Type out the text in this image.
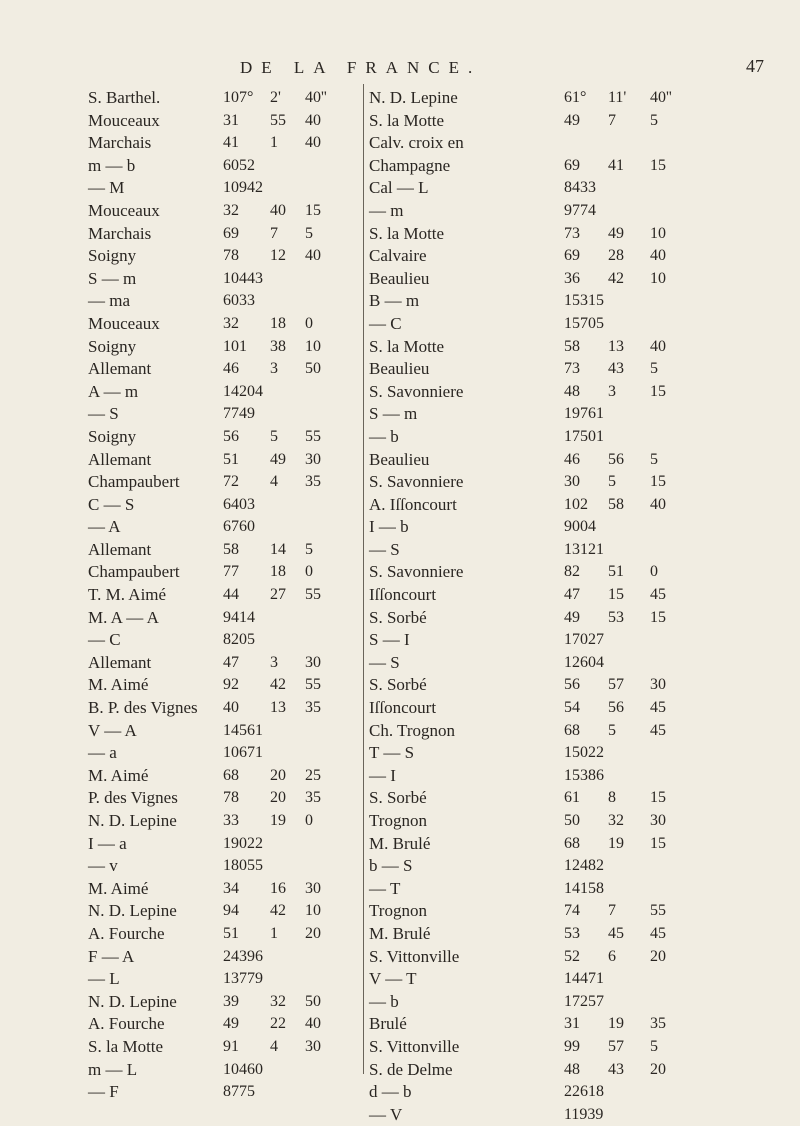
DE LA FRANCE.	47
S. Barthel.	107°	2'	40''
Mouceaux	31	55	40
Marchais	41	1	40
m — b	6052
— M	10942
Mouceaux	32	40	15
Marchais	69	7	5
Soigny	78	12	40
S — m	10443
— ma	6033
Mouceaux	32	18	0
Soigny	101	38	10
Allemant	46	3	50
A — m	14204
— S	7749
Soigny	56	5	55
Allemant	51	49	30
Champaubert	72	4	35
C — S	6403
— A	6760
Allemant	58	14	5
Champaubert	77	18	0
T. M. Aimé	44	27	55
M. A — A	9414
— C	8205
Allemant	47	3	30
M. Aimé	92	42	55
B. P. des Vignes 40	13	35
V — A	14561
— a	10671
M. Aimé	68	20	25
P. des Vignes	78	20	35
N. D. Lepine	33	19	0
I — a	19022
— v	18055
M. Aimé	34	16	30
N. D. Lepine	94	42	10
A. Fourche	51	1	20
F — A	24396
— L	13779
N. D. Lepine	39	32	50
A. Fourche	49	22	40
S. la Motte	91	4	30
m — L	10460
— F	8775
N. D. Lepine	61°	11'	40''
S. la Motte	49	7	5
Calv. croix en
Champagne	69	41	15
Cal — L	8433
— m	9774
S. la Motte	73	49	10
Calvaire	69	28	40
Beaulieu	36	42	10
B — m	15315
— C	15705
S. la Motte	58	13	40
Beaulieu	73	43	5
S. Savonniere	48	3	15
S — m	19761
— b	17501
Beaulieu	46	56	5
S. Savonniere	30	5	15
A. Iſſoncourt	102	58	40
I — b	9004
— S	13121
S. Savonniere	82	51	0
Iſſoncourt	47	15	45
S. Sorbé	49	53	15
S — I	17027
— S	12604
S. Sorbé	56	57	30
Iſſoncourt	54	56	45
Ch. Trognon	68	5	45
T — S	15022
— I	15386
S. Sorbé	61	8	15
Trognon	50	32	30
M. Brulé	68	19	15
b — S	12482
— T	14158
Trognon	74	7	55
M. Brulé	53	45	45
S. Vittonville	52	6	20
V — T	14471
— b	17257
Brulé	31	19	35
S. Vittonville	99	57	5
S. de Delme	48	43	20
d — b	22618
— V	11939
